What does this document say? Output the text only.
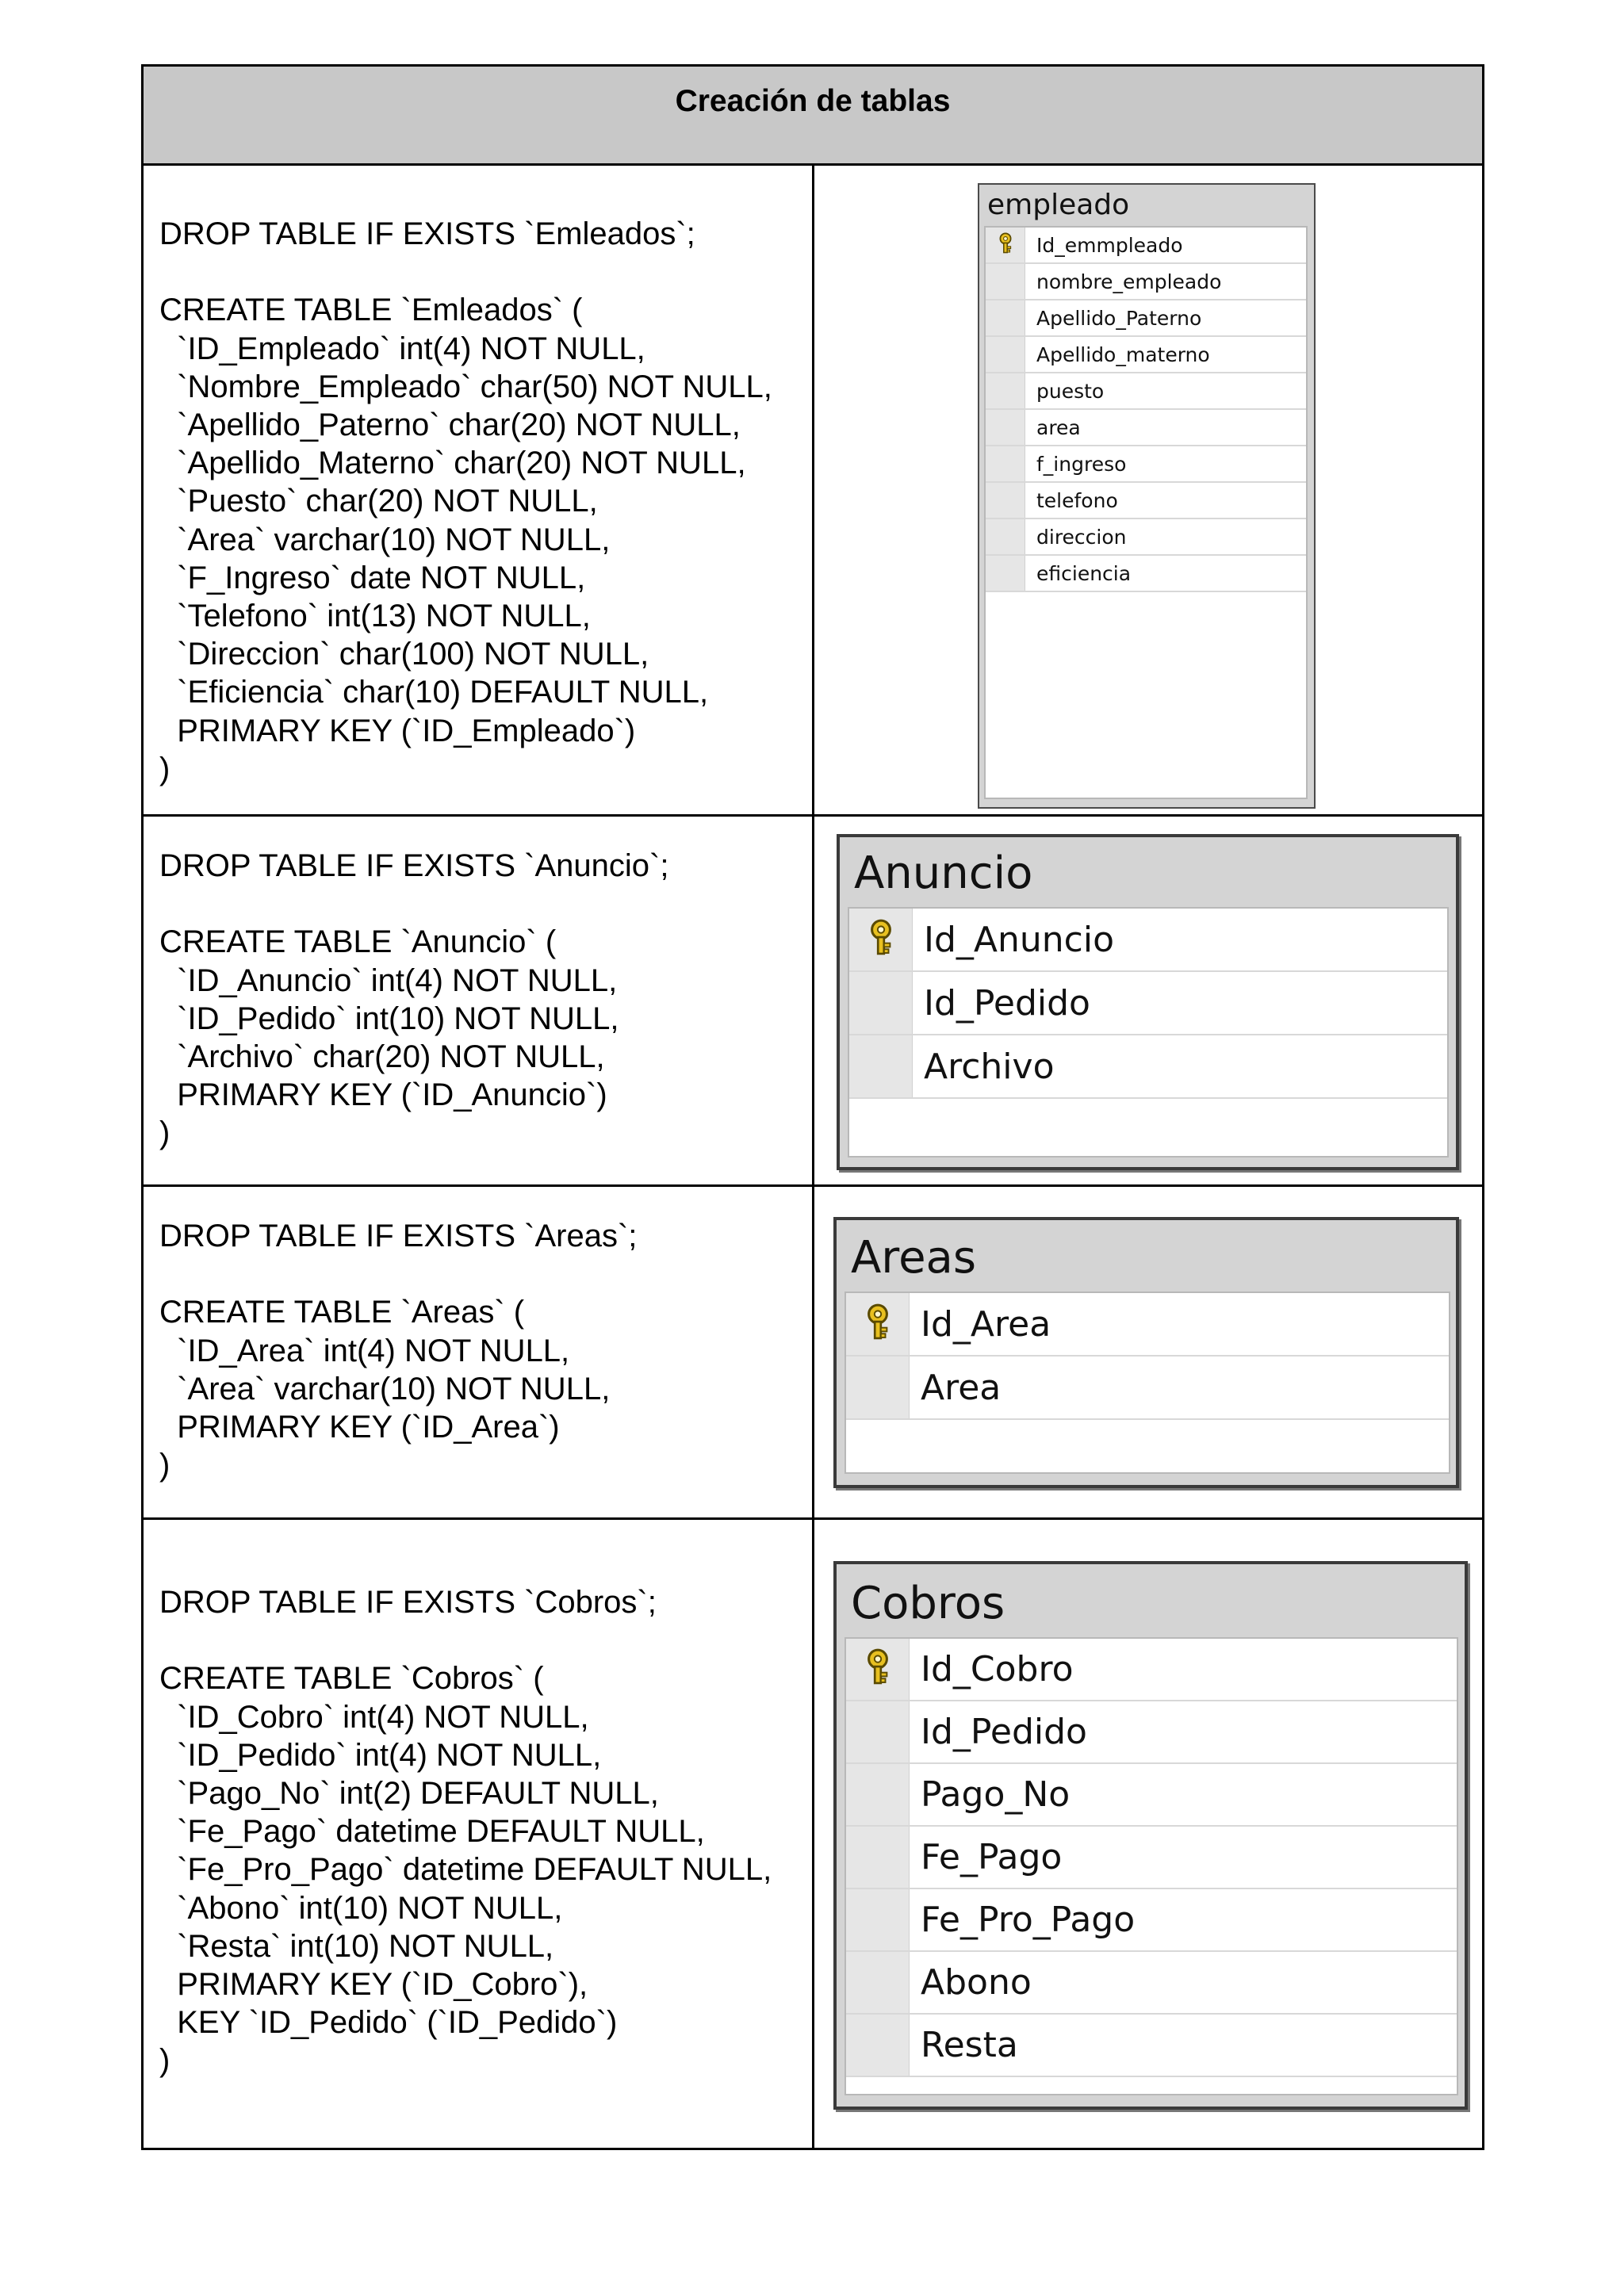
Creación de tablas
DROP TABLE IF EXISTS `Emleados`;

CREATE TABLE `Emleados` (
`ID_Empleado` int(4) NOT NULL,
`Nombre_Empleado` char(50) NOT NULL,
`Apellido_Paterno` char(20) NOT NULL,
`Apellido_Materno` char(20) NOT NULL,
`Puesto` char(20) NOT NULL,
`Area` varchar(10) NOT NULL,
`F_Ingreso` date NOT NULL,
`Telefono` int(13) NOT NULL,
`Direccion` char(100) NOT NULL,
`Eficiencia` char(10) DEFAULT NULL,
PRIMARY KEY (`ID_Empleado`)
)
empleado
Id_emmpleado
nombre_empleado
Apellido_Paterno
Apellido_materno
puesto
area
f_ingreso
telefono
direccion
eficiencia
DROP TABLE IF EXISTS `Anuncio`;

CREATE TABLE `Anuncio` (
`ID_Anuncio` int(4) NOT NULL,
`ID_Pedido` int(10) NOT NULL,
`Archivo` char(20) NOT NULL,
PRIMARY KEY (`ID_Anuncio`)
)
Anuncio
Id_Anuncio
Id_Pedido
Archivo
DROP TABLE IF EXISTS `Areas`;

CREATE TABLE `Areas` (
`ID_Area` int(4) NOT NULL,
`Area` varchar(10) NOT NULL,
PRIMARY KEY (`ID_Area`)
)
Areas
Id_Area
Area
DROP TABLE IF EXISTS `Cobros`;

CREATE TABLE `Cobros` (
`ID_Cobro` int(4) NOT NULL,
`ID_Pedido` int(4) NOT NULL,
`Pago_No` int(2) DEFAULT NULL,
`Fe_Pago` datetime DEFAULT NULL,
`Fe_Pro_Pago` datetime DEFAULT NULL,
`Abono` int(10) NOT NULL,
`Resta` int(10) NOT NULL,
PRIMARY KEY (`ID_Cobro`),
KEY `ID_Pedido` (`ID_Pedido`)
)
Cobros
Id_Cobro
Id_Pedido
Pago_No
Fe_Pago
Fe_Pro_Pago
Abono
Resta
